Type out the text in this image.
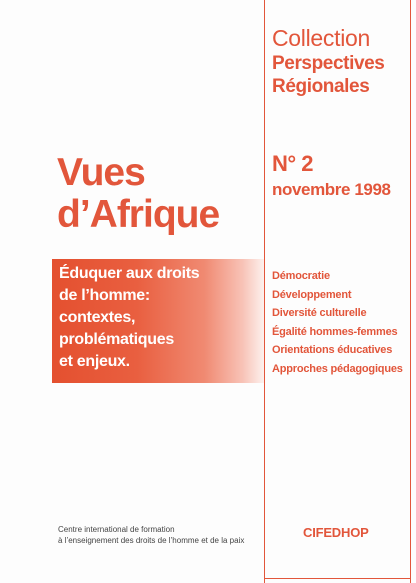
Collection
Perspectives
Régionales
N° 2
novembre 1998
Vues
d’Afrique
Éduquer aux droits
de l’homme:
contextes,
problématiques
et enjeux.
Démocratie
Développement
Diversité culturelle
Égalité hommes-femmes
Orientations éducatives
Approches pédagogiques
Centre international de formation
à l’enseignement des droits de l’homme et de la paix
CIFEDHOP
